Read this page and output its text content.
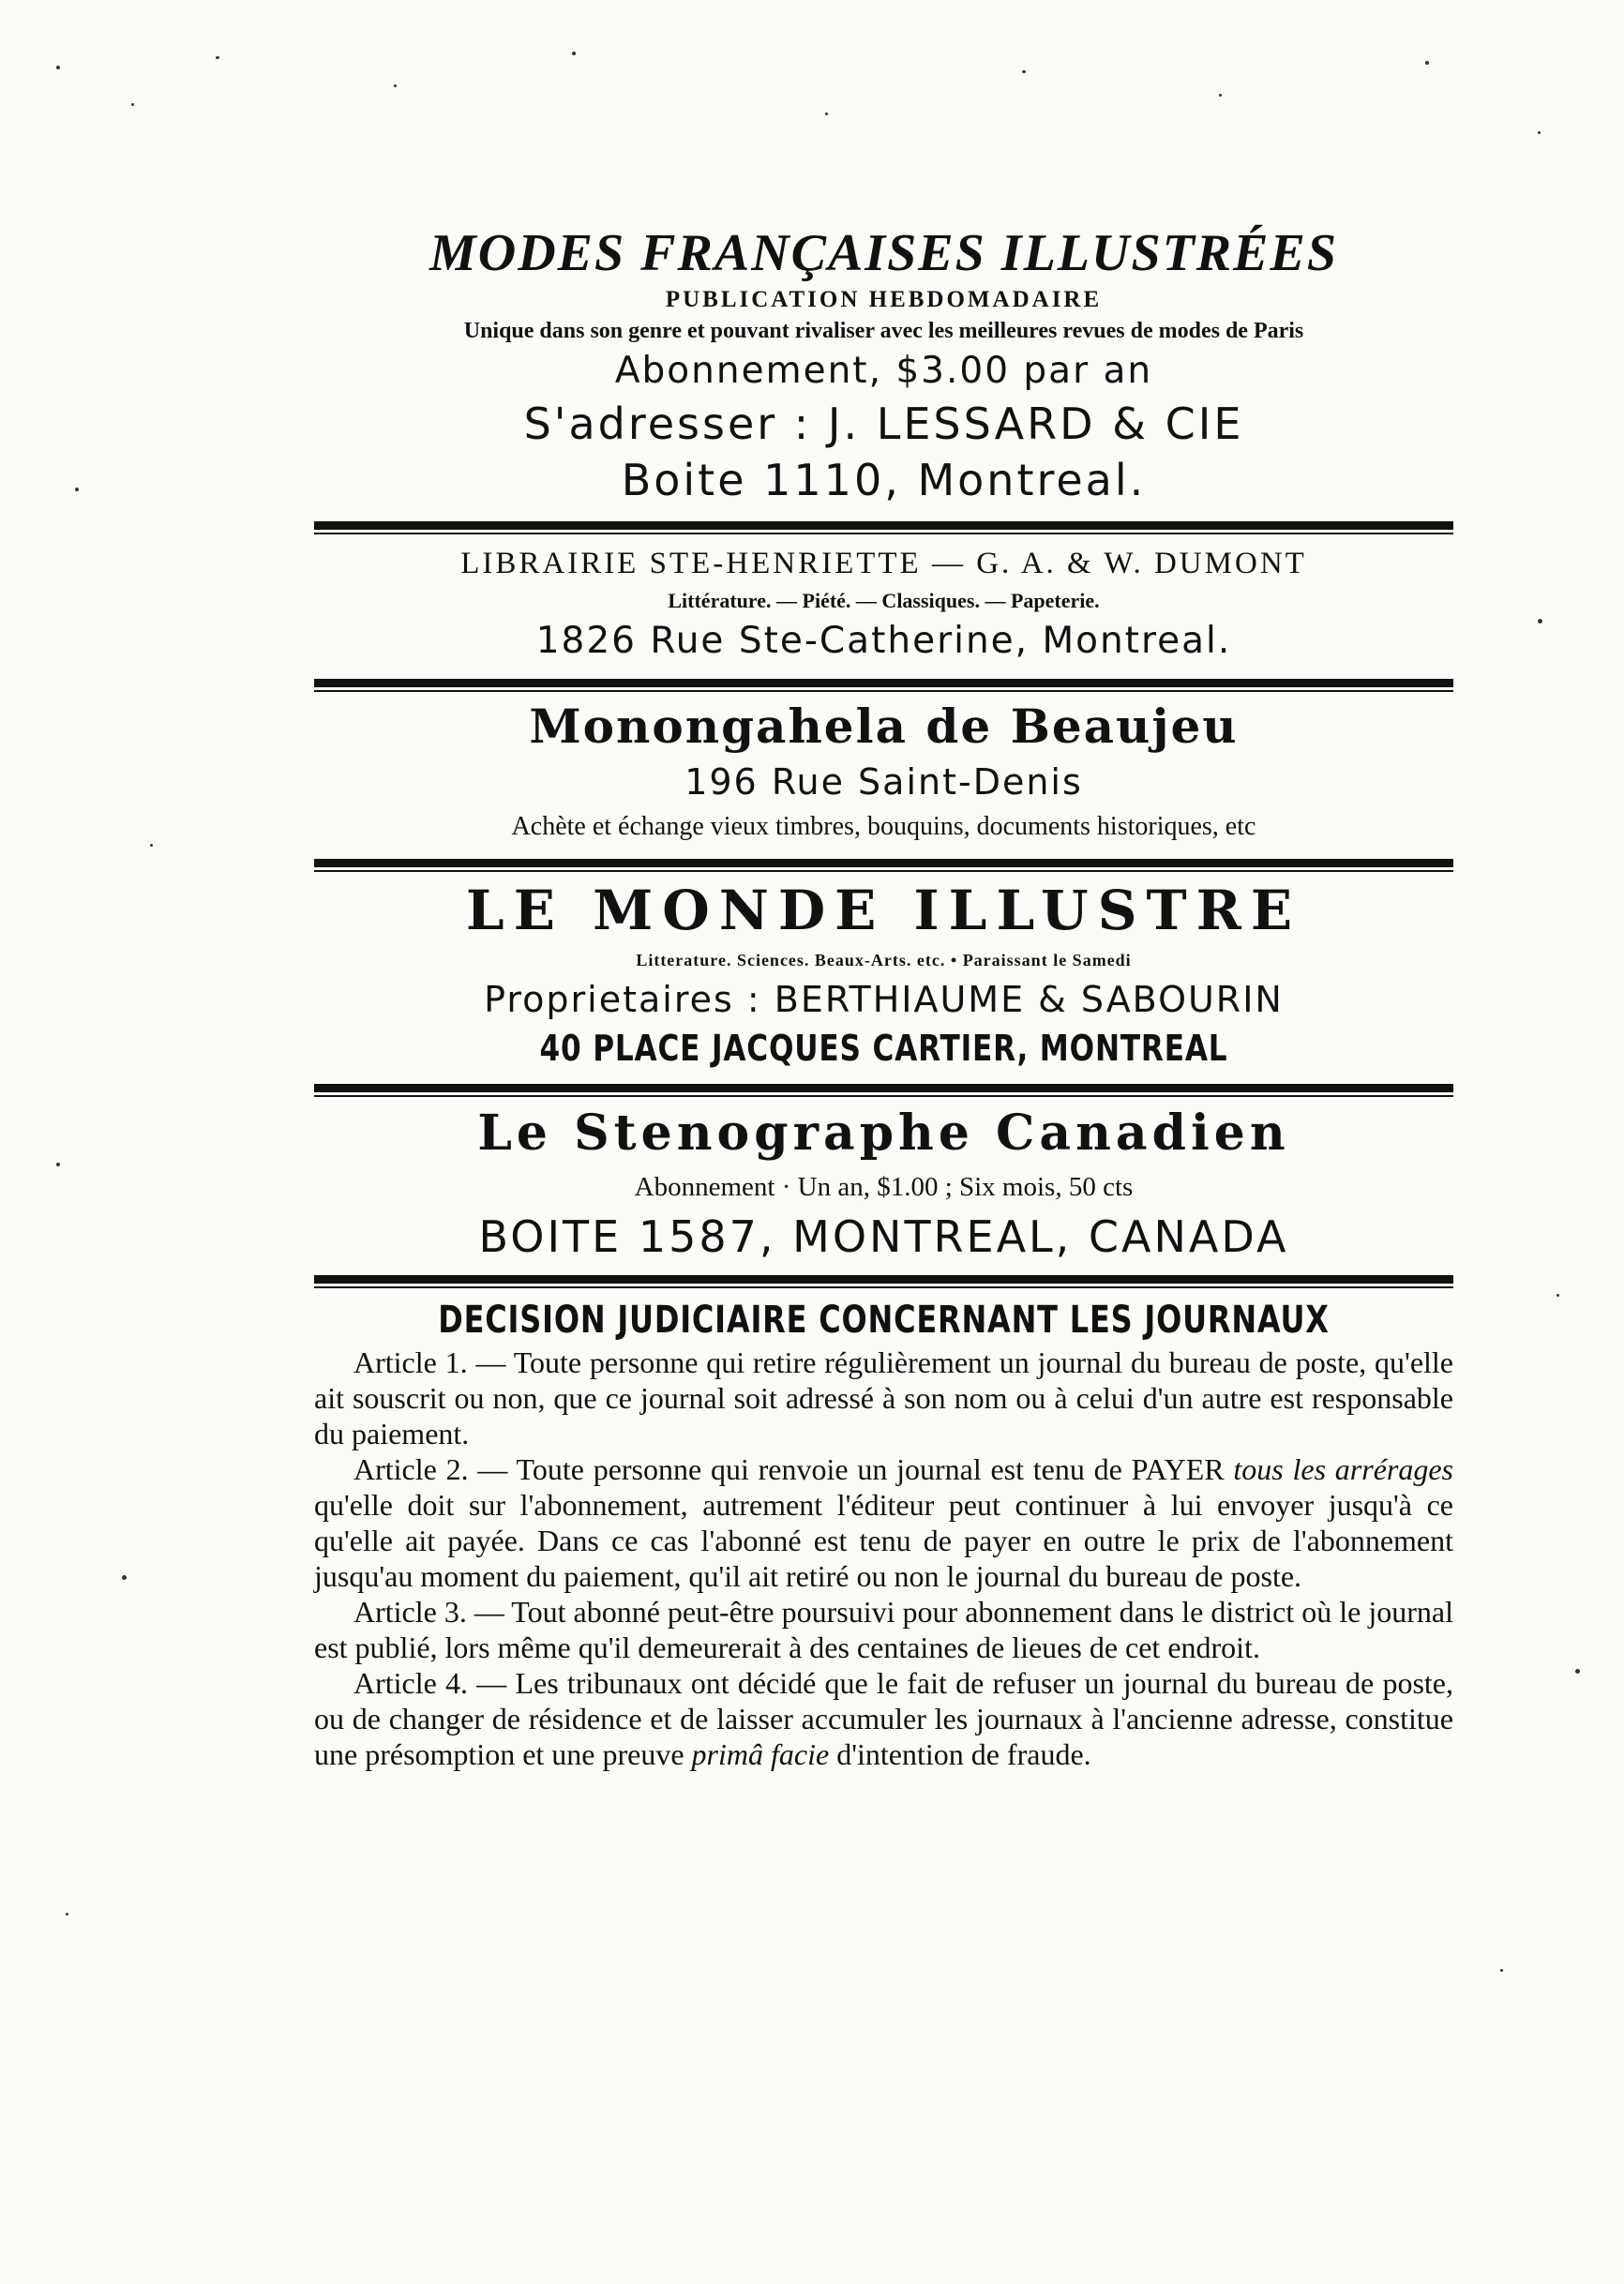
MODES FRANÇAISES ILLUSTRÉES
PUBLICATION HEBDOMADAIRE
Unique dans son genre et pouvant rivaliser avec les meilleures revues de modes de Paris
Abonnement, $3.00 par an
S'adresser : J. LESSARD & CIE
Boite 1110, Montreal.
LIBRAIRIE STE-HENRIETTE — G. A. & W. DUMONT
Littérature. — Piété. — Classiques. — Papeterie.
1826 Rue Ste-Catherine, Montreal.
Monongahela de Beaujeu
196 Rue Saint-Denis
Achète et échange vieux timbres, bouquins, documents historiques, etc
LE MONDE ILLUSTRE
Litterature. Sciences. Beaux-Arts. etc. • Paraissant le Samedi
Proprietaires : BERTHIAUME & SABOURIN
40 PLACE JACQUES CARTIER, MONTREAL
Le Stenographe Canadien
Abonnement · Un an, $1.00 ; Six mois, 50 cts
BOITE 1587, MONTREAL, CANADA
DECISION JUDICIAIRE CONCERNANT LES JOURNAUX

Article 1. — Toute personne qui retire régulièrement un journal du bureau de poste, qu'elle ait souscrit ou non, que ce journal soit adressé à son nom ou à celui d'un autre est responsable du paiement.

Article 2. — Toute personne qui renvoie un journal est tenu de PAYER tous les arrérages qu'elle doit sur l'abonnement, autrement l'éditeur peut continuer à lui envoyer jusqu'à ce qu'elle ait payée. Dans ce cas l'abonné est tenu de payer en outre le prix de l'abonnement jusqu'au moment du paiement, qu'il ait retiré ou non le journal du bureau de poste.

Article 3. — Tout abonné peut-être poursuivi pour abonnement dans le district où le journal est publié, lors même qu'il demeurerait à des centaines de lieues de cet endroit.

Article 4. — Les tribunaux ont décidé que le fait de refuser un journal du bureau de poste, ou de changer de résidence et de laisser accumuler les journaux à l'ancienne adresse, constitue une présomption et une preuve primâ facie d'intention de fraude.
